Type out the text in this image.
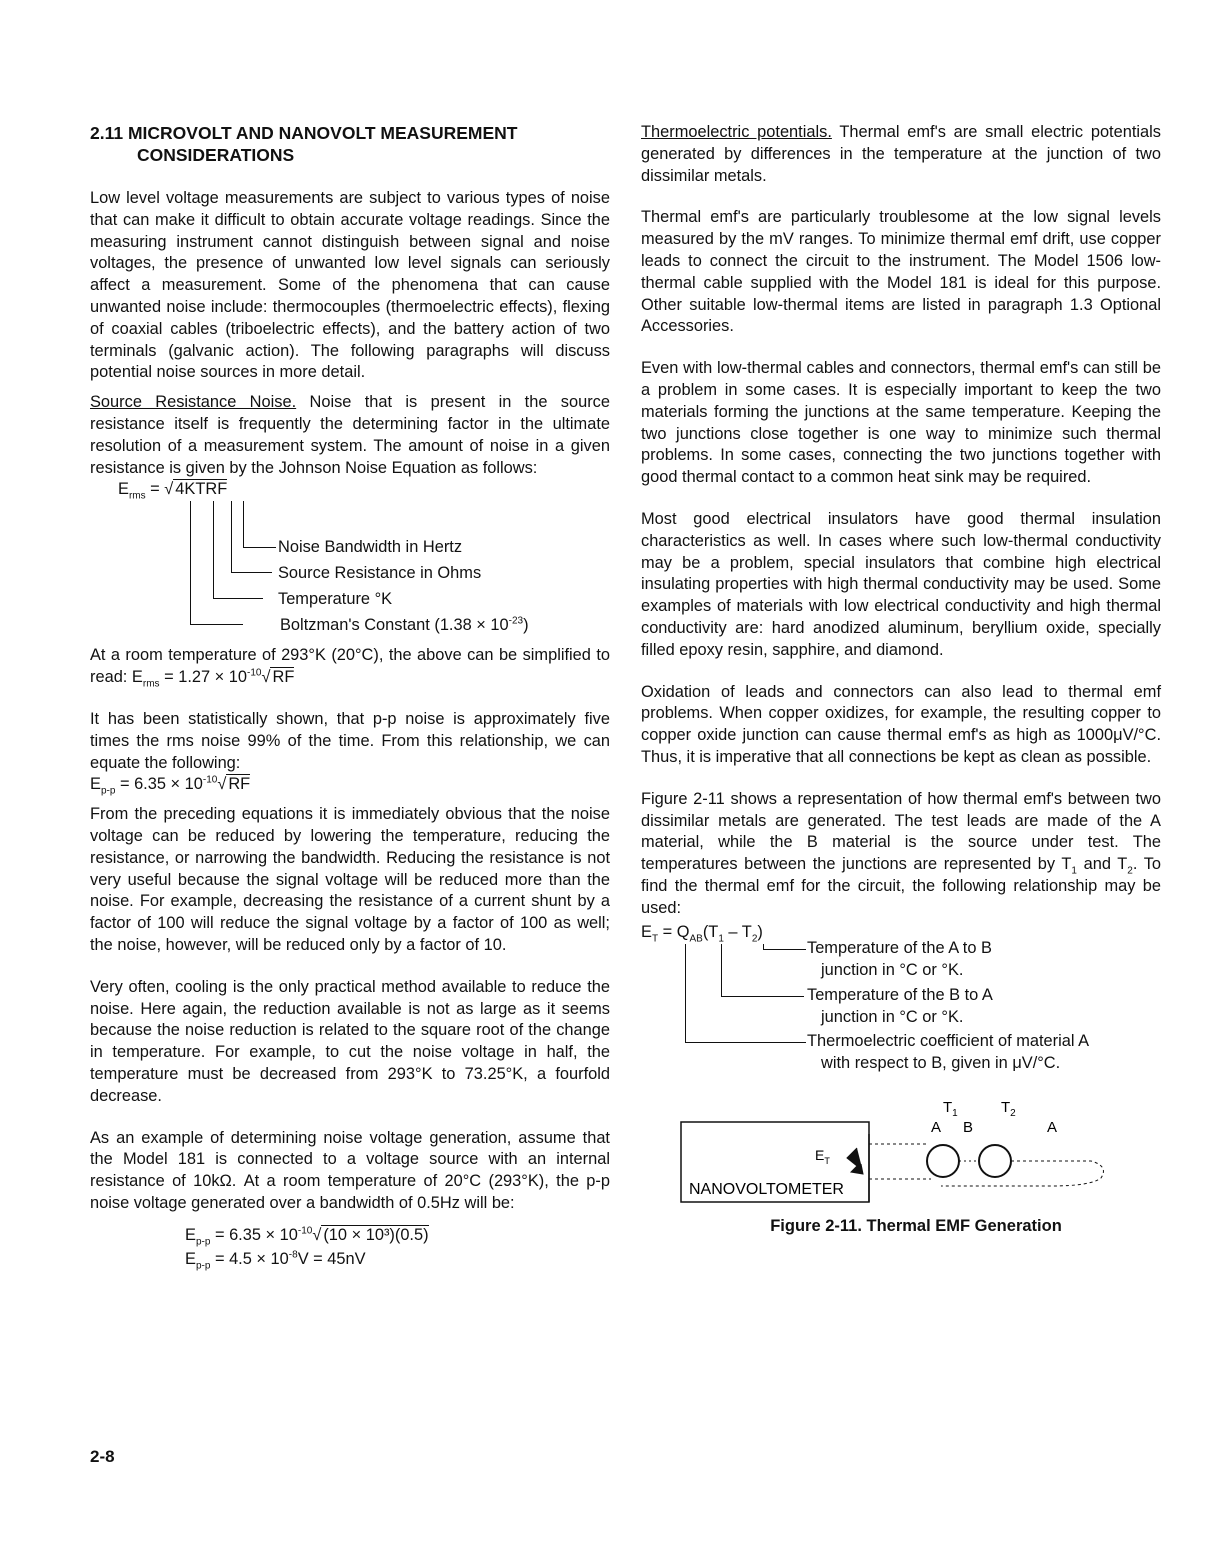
2.11 MICROVOLT AND NANOVOLT MEASUREMENT
CONSIDERATIONS

Low level voltage measurements are subject to various types of noise that can make it difficult to obtain accurate voltage readings. Since the measuring instrument cannot distinguish between signal and noise voltages, the presence of unwanted low level signals can seriously affect a measurement. Some of the phenomena that can cause unwanted noise include: thermocouples (thermoelectric effects), flexing of coaxial cables (triboelectric effects), and the battery action of two terminals (galvanic action). The following paragraphs will discuss potential noise sources in more detail.

Source Resistance Noise. Noise that is present in the source resistance itself is frequently the determining factor in the ultimate resolution of a measurement system. The amount of noise in a given resistance is given by the Johnson Noise Equation as follows:

$E_{rms}$ = √ 4KTRF
Noise Bandwidth in Hertz
Source Resistance in Ohms
Temperature °K
Boltzman's Constant $(1.38 \times 10^{-23})$

At a room temperature of 293°K (20°C), the above can be simplified to read: $E_{rms} = 1.27 \times 10^{-10}√$ RF

It has been statistically shown, that p-p noise is approximately five times the rms noise 99% of the time. From this relationship, we can equate the following:
$E_{p-p} = 6.35 \times 10^{-10}√$ RF

From the preceding equations it is immediately obvious that the noise voltage can be reduced by lowering the temperature, reducing the resistance, or narrowing the bandwidth. Reducing the resistance is not very useful because the signal voltage will be reduced more than the noise. For example, decreasing the resistance of a current shunt by a factor of 100 will reduce the signal voltage by a factor of 100 as well; the noise, however, will be reduced only by a factor of 10.

Very often, cooling is the only practical method available to reduce the noise. Here again, the reduction available is not as large as it seems because the noise reduction is related to the square root of the change in temperature. For example, to cut the noise voltage in half, the temperature must be decreased from 293°K to 73.25°K, a fourfold decrease.

As an example of determining noise voltage generation, assume that the Model 181 is connected to a voltage source with an internal resistance of 10kΩ. At a room temperature of 20°C (293°K), the p-p noise voltage generated over a bandwidth of 0.5Hz will be:

$E_{p-p} = 6.35 \times 10^{-10}√$ (10 × 10³)(0.5)
$E_{p-p} = 4.5 \times 10^{-8}V = 45nV$

Thermoelectric potentials. Thermal emf's are small electric potentials generated by differences in the temperature at the junction of two dissimilar metals.

Thermal emf's are particularly troublesome at the low signal levels measured by the mV ranges. To minimize thermal emf drift, use copper leads to connect the circuit to the instrument. The Model 1506 low-thermal cable supplied with the Model 181 is ideal for this purpose. Other suitable low-thermal items are listed in paragraph 1.3 Optional Accessories.

Even with low-thermal cables and connectors, thermal emf's can still be a problem in some cases. It is especially important to keep the two materials forming the junctions at the same temperature. Keeping the two junctions close together is one way to minimize such thermal problems. In some cases, connecting the two junctions together with good thermal contact to a common heat sink may be required.

Most good electrical insulators have good thermal insulation characteristics as well. In cases where such low-thermal conductivity may be a problem, special insulators that combine high electrical insulating properties with high thermal conductivity may be used. Some examples of materials with low electrical conductivity and high thermal conductivity are: hard anodized aluminum, beryllium oxide, specially filled epoxy resin, sapphire, and diamond.

Oxidation of leads and connectors can also lead to thermal emf problems. When copper oxidizes, for example, the resulting copper to copper oxide junction can cause thermal emf's as high as 1000μV/°C. Thus, it is imperative that all connections be kept as clean as possible.

Figure 2-11 shows a representation of how thermal emf's between two dissimilar metals are generated. The test leads are made of the A material, while the B material is the source under test. The temperatures between the junctions are represented by $T_1$ and $T_2$. To find the thermal emf for the circuit, the following relationship may be used:

$E_T = Q_{AB}(T_1 - T_2)$
Temperature of the A to B
junction in °C or °K.
Temperature of the B to A
junction in °C or °K.
Thermoelectric coefficient of material A
with respect to B, given in μV/°C.
NANOVOLTOMETER
$E_T$
A B	A
$T_1$	$T_2$
Figure 2-11. Thermal EMF Generation
2-8
